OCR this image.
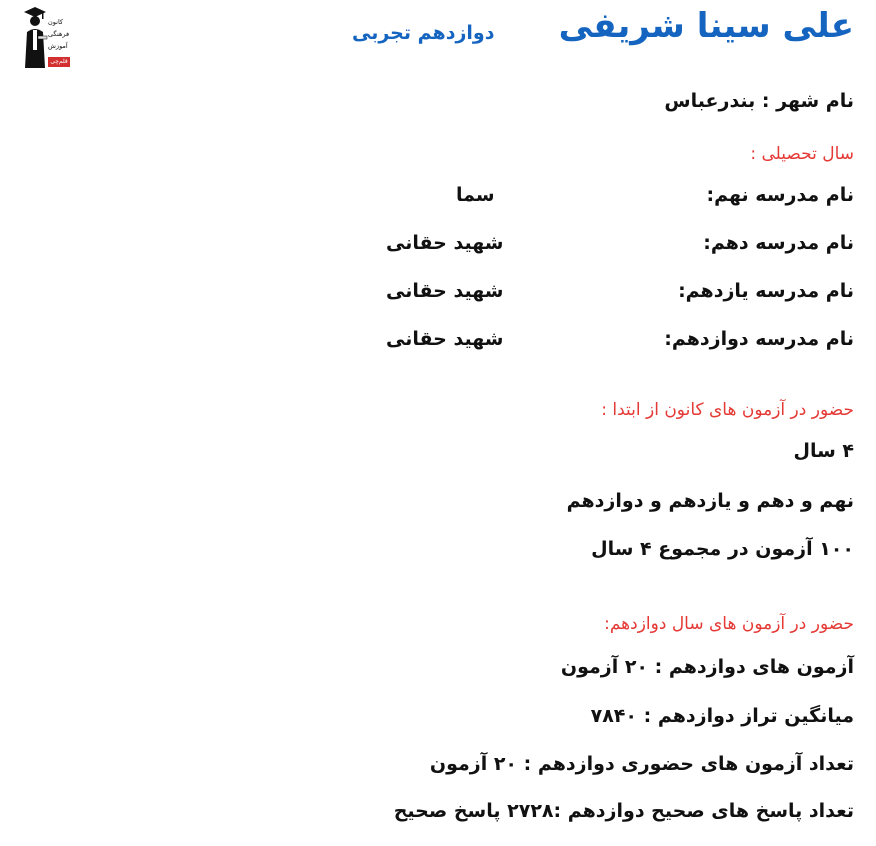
کانون
فرهنگی
آموزش
قلم‌چی
علی سینا شریفی
دوازدهم تجربی
نام شهر : بندرعباس
سال تحصیلی :
نام مدرسه نهم:
سما
نام مدرسه دهم:
شهید حقانی
نام مدرسه یازدهم:
شهید حقانی
نام مدرسه دوازدهم:
شهید حقانی
حضور در آزمون های کانون از ابتدا :
۴ سال
نهم و دهم و یازدهم و دوازدهم
۱۰۰ آزمون در مجموع ۴ سال
حضور در آزمون های سال دوازدهم:
آزمون های دوازدهم : ۲۰ آزمون
میانگین تراز دوازدهم : ۷۸۴۰
تعداد آزمون های حضوری دوازدهم : ۲۰ آزمون
تعداد پاسخ های صحیح دوازدهم :۲۷۲۸ پاسخ صحیح
